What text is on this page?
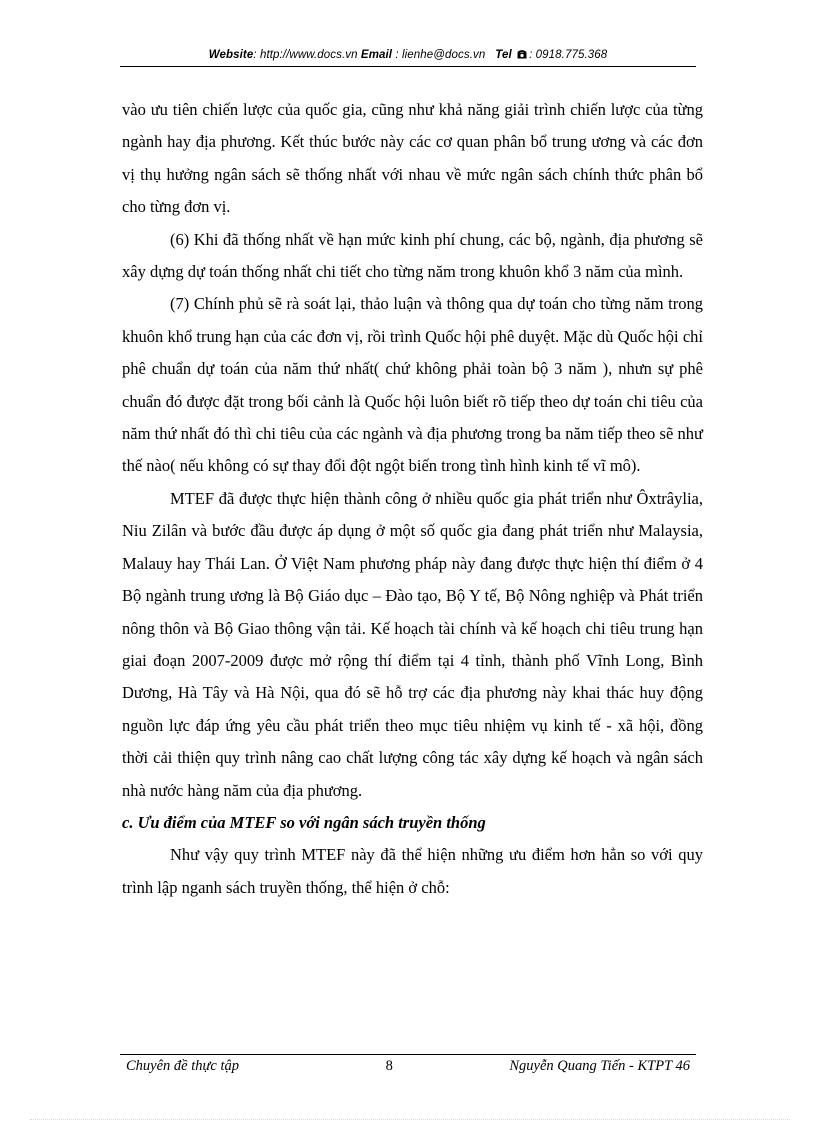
Website: http://www.docs.vn Email : lienhe@docs.vn Tel : 0918.775.368

vào ưu tiên chiến lược của quốc gia, cũng như khả năng giải trình chiến lược của từng ngành hay địa phương. Kết thúc bước này các cơ quan phân bổ trung ương và các đơn vị thụ hưởng ngân sách sẽ thống nhất với nhau về mức ngân sách chính thức phân bổ cho từng đơn vị.

(6) Khi đã thống nhất về hạn mức kinh phí chung, các bộ, ngành, địa phương sẽ xây dựng dự toán thống nhất chi tiết cho từng năm trong khuôn khổ 3 năm của mình.

(7) Chính phủ sẽ rà soát lại, thảo luận và thông qua dự toán cho từng năm trong khuôn khổ trung hạn của các đơn vị, rồi trình Quốc hội phê duyệt. Mặc dù Quốc hội chỉ phê chuẩn dự toán của năm thứ nhất( chứ không phải toàn bộ 3 năm ), nhưn sự phê chuẩn đó được đặt trong bối cảnh là Quốc hội luôn biết rõ tiếp theo dự toán chi tiêu của năm thứ nhất đó thì chi tiêu của các ngành và địa phương trong ba năm tiếp theo sẽ như thế nào( nếu không có sự thay đổi đột ngột biến trong tình hình kinh tế vĩ mô).

MTEF đã được thực hiện thành công ở nhiều quốc gia phát triển như Ôxtrâylia, Niu Zilân và bước đầu được áp dụng ở một số quốc gia đang phát triển như Malaysia, Malauy hay Thái Lan. Ở Việt Nam phương pháp này đang được thực hiện thí điểm ở 4 Bộ ngành trung ương là Bộ Giáo dục – Đào tạo, Bộ Y tế, Bộ Nông nghiệp và Phát triển nông thôn và Bộ Giao thông vận tải. Kế hoạch tài chính và kế hoạch chi tiêu trung hạn giai đoạn 2007-2009 được mở rộng thí điểm tại 4 tỉnh, thành phố Vĩnh Long, Bình Dương, Hà Tây và Hà Nội, qua đó sẽ hỗ trợ các địa phương này khai thác huy động nguồn lực đáp ứng yêu cầu phát triển theo mục tiêu nhiệm vụ kinh tế - xã hội, đồng thời cải thiện quy trình nâng cao chất lượng công tác xây dựng kế hoạch và ngân sách nhà nước hàng năm của địa phương.

c. Ưu điểm của MTEF so với ngân sách truyền thống

Như vậy quy trình MTEF này đã thể hiện những ưu điểm hơn hẳn so với quy trình lập nganh sách truyền thống, thể hiện ở chỗ:

Chuyên đề thực tập	8	Nguyễn Quang Tiến - KTPT 46
